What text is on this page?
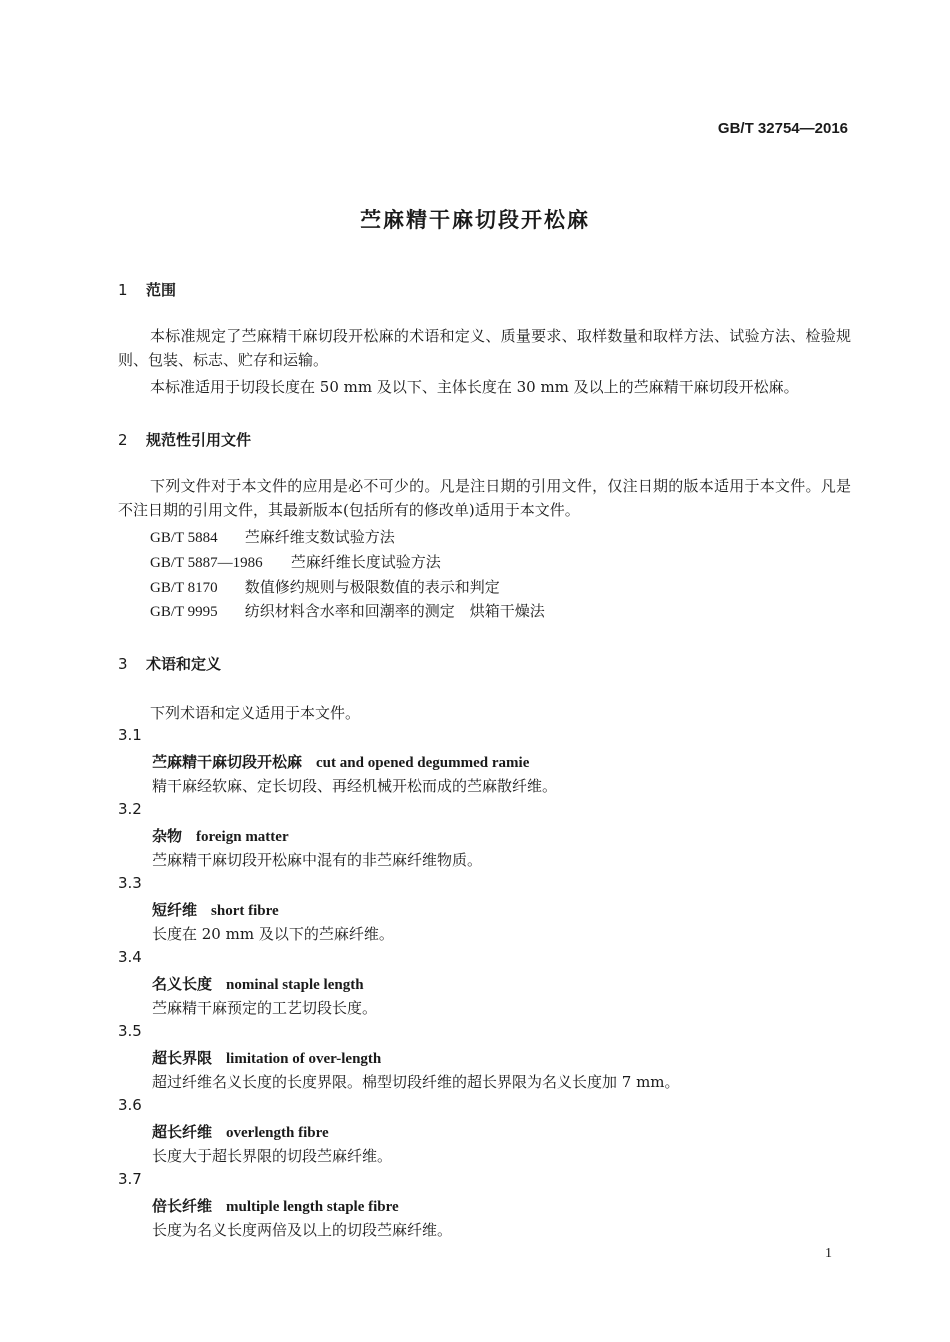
GB/T 32754—2016
苎麻精干麻切段开松麻
1 范围
本标准规定了苎麻精干麻切段开松麻的术语和定义、质量要求、取样数量和取样方法、试验方法、检验规则、包装、标志、贮存和运输。
本标准适用于切段长度在 50 mm 及以下、主体长度在 30 mm 及以上的苎麻精干麻切段开松麻。
2 规范性引用文件
下列文件对于本文件的应用是必不可少的。凡是注日期的引用文件，仅注日期的版本适用于本文件。凡是不注日期的引用文件，其最新版本(包括所有的修改单)适用于本文件。
GB/T 5884 苎麻纤维支数试验方法
GB/T 5887—1986 苎麻纤维长度试验方法
GB/T 8170 数值修约规则与极限数值的表示和判定
GB/T 9995 纺织材料含水率和回潮率的测定　烘箱干燥法
3 术语和定义
下列术语和定义适用于本文件。
3.1
苎麻精干麻切段开松麻 cut and opened degummed ramie
精干麻经软麻、定长切段、再经机械开松而成的苎麻散纤维。
3.2
杂物 foreign matter
苎麻精干麻切段开松麻中混有的非苎麻纤维物质。
3.3
短纤维 short fibre
长度在 20 mm 及以下的苎麻纤维。
3.4
名义长度 nominal staple length
苎麻精干麻预定的工艺切段长度。
3.5
超长界限 limitation of over-length
超过纤维名义长度的长度界限。棉型切段纤维的超长界限为名义长度加 7 mm。
3.6
超长纤维 overlength fibre
长度大于超长界限的切段苎麻纤维。
3.7
倍长纤维 multiple length staple fibre
长度为名义长度两倍及以上的切段苎麻纤维。
1
